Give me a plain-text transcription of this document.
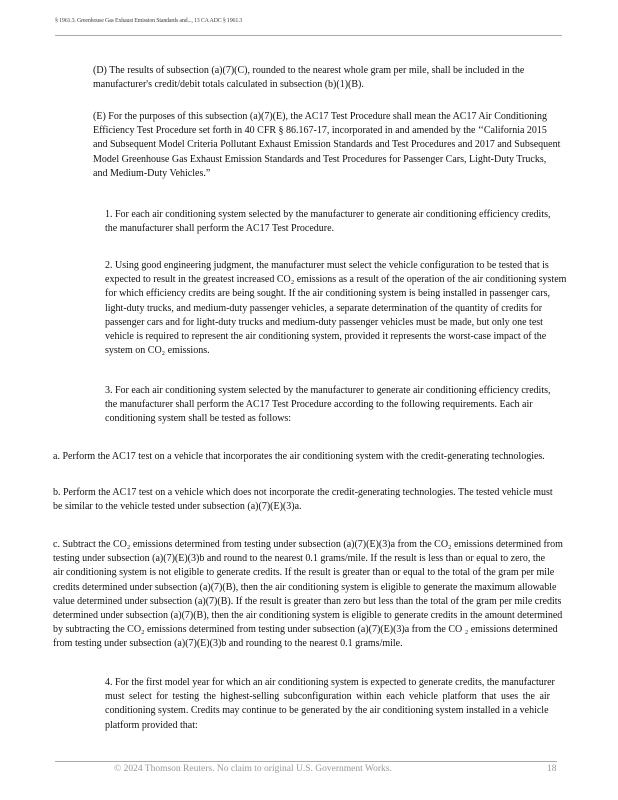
§ 1961.3. Greenhouse Gas Exhaust Emission Standards and..., 13 CA ADC § 1961.3
(D) The results of subsection (a)(7)(C), rounded to the nearest whole gram per mile, shall be included in the
manufacturer's credit/debit totals calculated in subsection (b)(1)(B).
(E) For the purposes of this subsection (a)(7)(E), the AC17 Test Procedure shall mean the AC17 Air Conditioning
Efficiency Test Procedure set forth in 40 CFR § 86.167-17, incorporated in and amended by the ‘‘California 2015
and Subsequent Model Criteria Pollutant Exhaust Emission Standards and Test Procedures and 2017 and Subsequent
Model Greenhouse Gas Exhaust Emission Standards and Test Procedures for Passenger Cars, Light-Duty Trucks,
and Medium-Duty Vehicles.”
1. For each air conditioning system selected by the manufacturer to generate air conditioning efficiency credits,
the manufacturer shall perform the AC17 Test Procedure.
2. Using good engineering judgment, the manufacturer must select the vehicle configuration to be tested that is
expected to result in the greatest increased CO₂ emissions as a result of the operation of the air conditioning system
for which efficiency credits are being sought. If the air conditioning system is being installed in passenger cars,
light-duty trucks, and medium-duty passenger vehicles, a separate determination of the quantity of credits for
passenger cars and for light-duty trucks and medium-duty passenger vehicles must be made, but only one test
vehicle is required to represent the air conditioning system, provided it represents the worst-case impact of the
system on CO₂ emissions.
3. For each air conditioning system selected by the manufacturer to generate air conditioning efficiency credits,
the manufacturer shall perform the AC17 Test Procedure according to the following requirements. Each air
conditioning system shall be tested as follows:
a. Perform the AC17 test on a vehicle that incorporates the air conditioning system with the credit-generating technologies.
b. Perform the AC17 test on a vehicle which does not incorporate the credit-generating technologies. The tested vehicle must
be similar to the vehicle tested under subsection (a)(7)(E)(3)a.
c. Subtract the CO₂ emissions determined from testing under subsection (a)(7)(E)(3)a from the CO₂ emissions determined from
testing under subsection (a)(7)(E)(3)b and round to the nearest 0.1 grams/mile. If the result is less than or equal to zero, the
air conditioning system is not eligible to generate credits. If the result is greater than or equal to the total of the gram per mile
credits determined under subsection (a)(7)(B), then the air conditioning system is eligible to generate the maximum allowable
value determined under subsection (a)(7)(B). If the result is greater than zero but less than the total of the gram per mile credits
determined under subsection (a)(7)(B), then the air conditioning system is eligible to generate credits in the amount determined
by subtracting the CO₂ emissions determined from testing under subsection (a)(7)(E)(3)a from the CO ₂ emissions determined
from testing under subsection (a)(7)(E)(3)b and rounding to the nearest 0.1 grams/mile.
4. For the first model year for which an air conditioning system is expected to generate credits, the manufacturer
must select for testing the highest-selling subconfiguration within each vehicle platform that uses the air
conditioning system. Credits may continue to be generated by the air conditioning system installed in a vehicle
platform provided that:
© 2024 Thomson Reuters. No claim to original U.S. Government Works.	18
